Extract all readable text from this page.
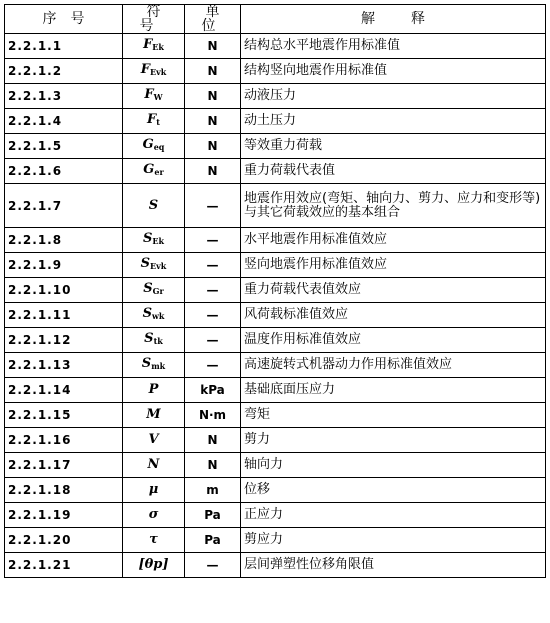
序号	符号	单位	解释
2.2.1.1	$F_{Ek}$	N	结构总水平地震作用标准值
2.2.1.2	$F_{Evk}$	N	结构竖向地震作用标准值
2.2.1.3	$F_W$	N	动液压力
2.2.1.4	$F_t$	N	动土压力
2.2.1.5	$G_{eq}$	N	等效重力荷载
2.2.1.6	$G_{er}$	N	重力荷载代表值
2.2.1.7	S	—	地震作用效应(弯矩、轴向力、剪力、应力和变形等)与其它荷载效应的基本组合
2.2.1.8	$S_{Ek}$	—	水平地震作用标准值效应
2.2.1.9	$S_{Evk}$	—	竖向地震作用标准值效应
2.2.1.10	$S_{Gr}$	—	重力荷载代表值效应
2.2.1.11	$S_{wk}$	—	风荷载标准值效应
2.2.1.12	$S_{tk}$	—	温度作用标准值效应
2.2.1.13	$S_{mk}$	—	高速旋转式机器动力作用标准值效应
2.2.1.14	P	kPa	基础底面压应力
2.2.1.15	M	N·m	弯矩
2.2.1.16	V	N	剪力
2.2.1.17	N	N	轴向力
2.2.1.18	μ	m	位移
2.2.1.19	σ	Pa	正应力
2.2.1.20	τ	Pa	剪应力
2.2.1.21	[θp]	—	层间弹塑性位移角限值
